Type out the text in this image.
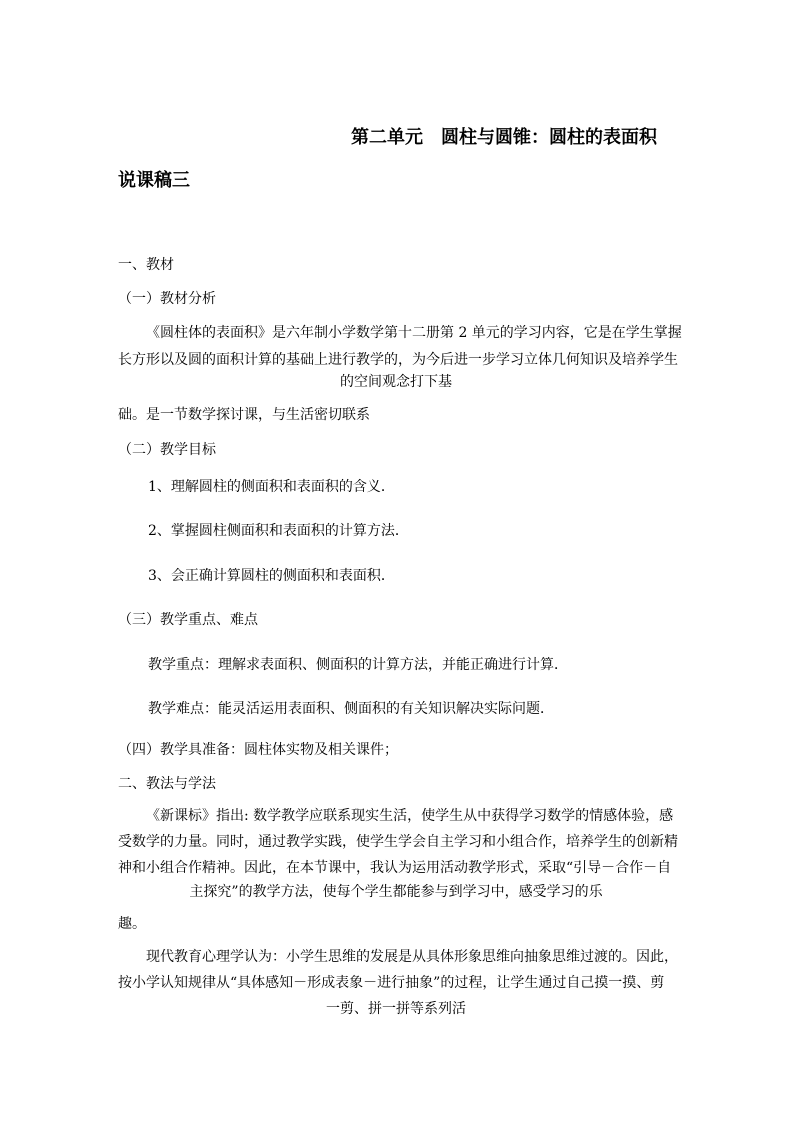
第二单元　圆柱与圆锥：圆柱的表面积
说课稿三
一、教材
（一）教材分析
《圆柱体的表面积》是六年制小学数学第十二册第 2 单元的学习内容，它是在学生掌握
长方形以及圆的面积计算的基础上进行教学的，为今后进一步学习立体几何知识及培养学生
的空间观念打下基
础。是一节数学探讨课，与生活密切联系
（二）教学目标
1、理解圆柱的侧面积和表面积的含义．
2、掌握圆柱侧面积和表面积的计算方法．
3、会正确计算圆柱的侧面积和表面积．
（三）教学重点、难点
教学重点：理解求表面积、侧面积的计算方法，并能正确进行计算．
教学难点：能灵活运用表面积、侧面积的有关知识解决实际问题．
（四）教学具准备：圆柱体实物及相关课件；
二、教法与学法
《新课标》指出: 数学教学应联系现实生活，使学生从中获得学习数学的情感体验，感
受数学的力量。同时，通过教学实践，使学生学会自主学习和小组合作，培养学生的创新精
神和小组合作精神。因此，在本节课中，我认为运用活动教学形式，采取“引导－合作－自
主探究”的教学方法，使每个学生都能参与到学习中，感受学习的乐
趣。
现代教育心理学认为：小学生思维的发展是从具体形象思维向抽象思维过渡的。因此，
按小学认知规律从“具体感知－形成表象－进行抽象”的过程，让学生通过自己摸一摸、剪
一剪、拼一拼等系列活
